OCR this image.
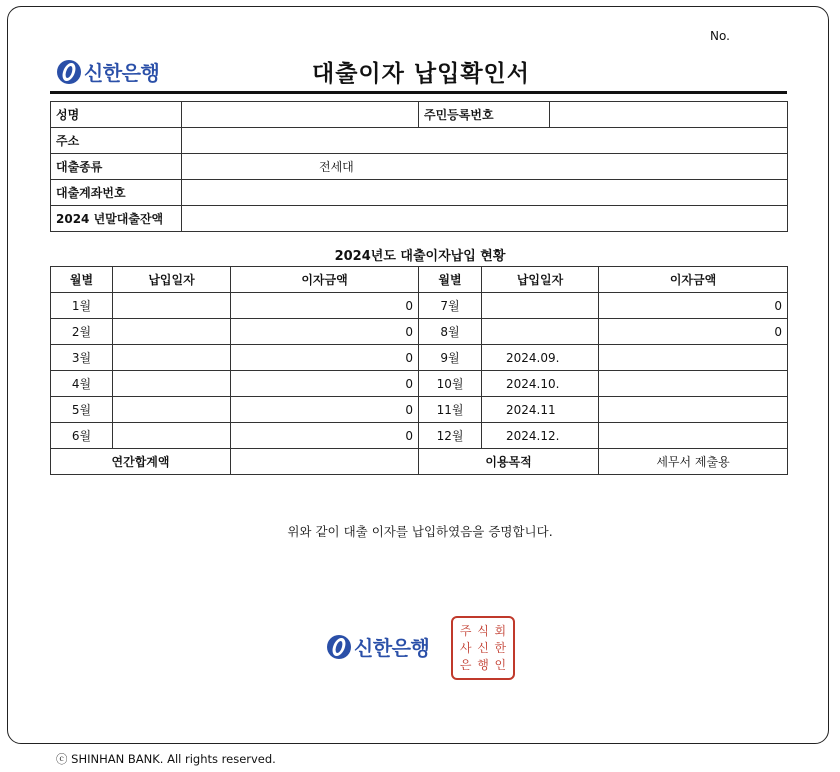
No.
신한은행	대출이자 납입확인서
성명		주민등록번호	
주소			
대출종류	전세대		
대출계좌번호			
2024 년말대출잔액			
2024년도 대출이자납입 현황
월별	납입일자	이자금액	월별	납입일자	이자금액
1월		0	7월		0
2월		0	8월		0
3월		0	9월	2024.09.	
4월		0	10월	2024.10.	
5월		0	11월	2024.11	
6월		0	12월	2024.12.	
연간합계액			이용목적		세무서 제출용
위와 같이 대출 이자를 납입하였음을 증명합니다.
신한은행
주 식 회
사 신 한
은 행 인
ⓒ SHINHAN BANK. All rights reserved.
